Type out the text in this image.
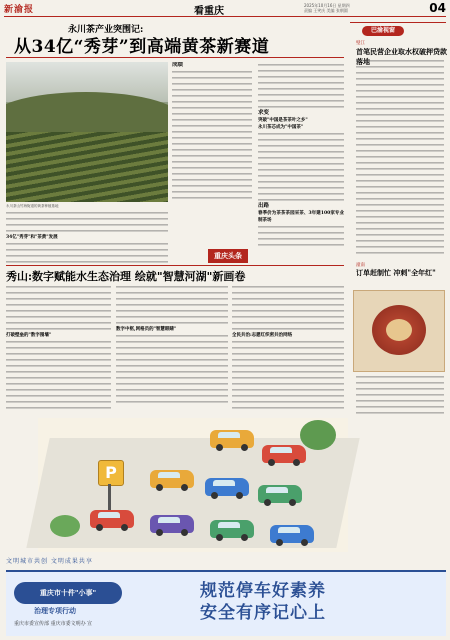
新渝报	看重庆
2025年10月16日 星期四
责编 王笑庆 美编 张朝圆	04
永川茶产业突围记:
从34亿“秀芽”到高端黄茶新赛道
永川茶山竹海街道的黄茶种植基地
成绩
求变
突破"中国是茶茶叶之乡"
永川茶芯成为"中国茶"
出路
春季价为茶茶茶园采茶、3年建100家专业制茶场
34亿"秀芽"和"茶黄"发展
重庆头条
秀山:数字赋能水生态治理 绘就"智慧河湖"新画卷
打破壁垒的"数字围墙"
数字中枢,网格员的"智慧眼睛"
全民共治:志愿红织密共治网络
巴渝视窗
璧江
首笔民营企业取水权破押贷款落地
潼南
订单赶制忙 冲刺"全年红"
P
文明城市共创 文明成果共享
重庆市十件"小事"
治理专项行动
重庆市委宣传部 重庆市委文明办 宣
规范停车好素养
安全有序记心上
